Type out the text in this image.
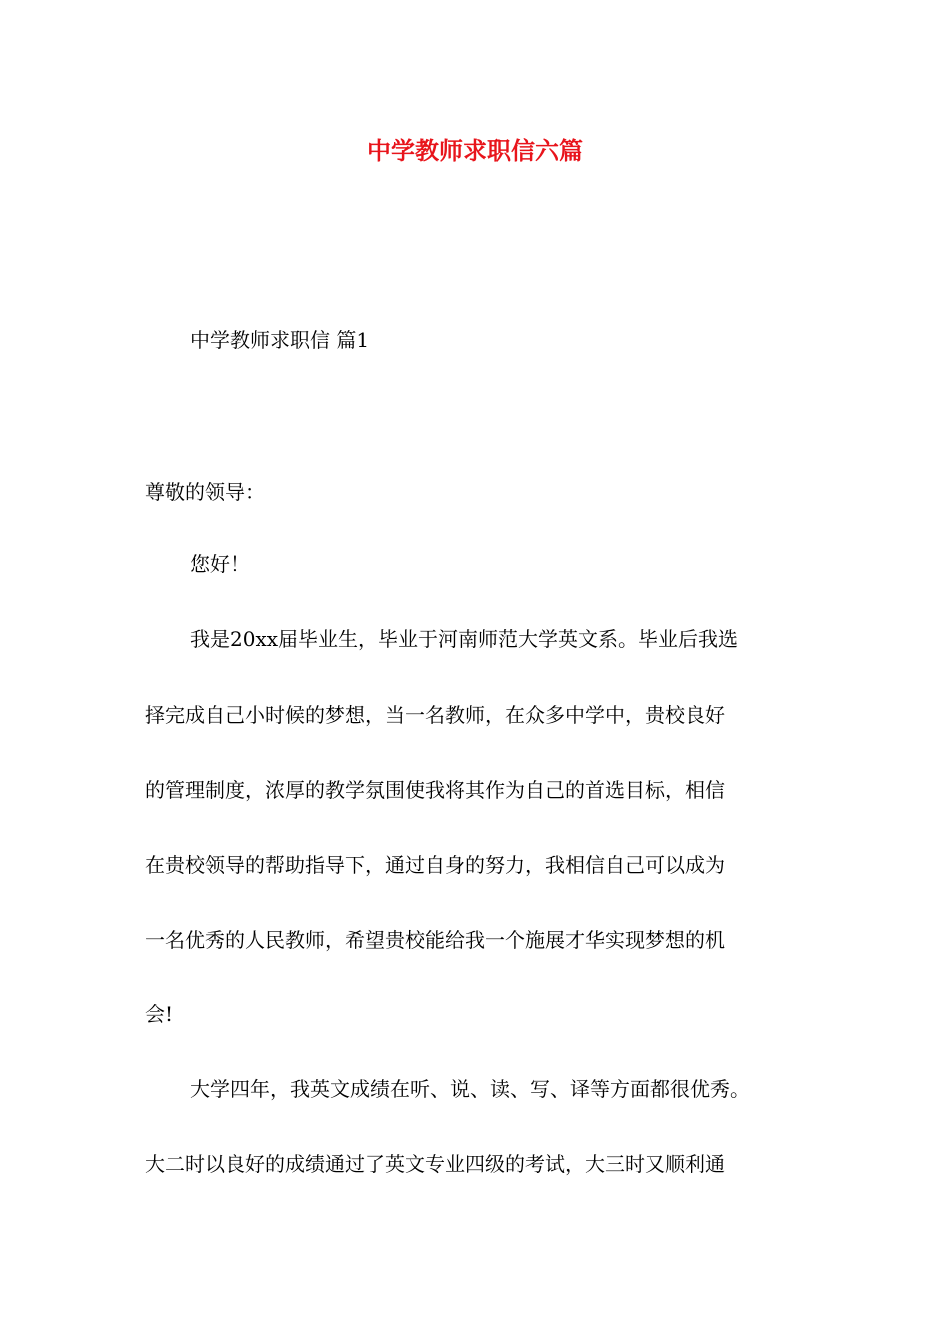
中学教师求职信六篇
中学教师求职信 篇1
尊敬的领导：
您好！
我是20xx届毕业生，毕业于河南师范大学英文系。毕业后我选
择完成自己小时候的梦想，当一名教师，在众多中学中，贵校良好
的管理制度，浓厚的教学氛围使我将其作为自己的首选目标，相信
在贵校领导的帮助指导下，通过自身的努力，我相信自己可以成为
一名优秀的人民教师，希望贵校能给我一个施展才华实现梦想的机
会!
大学四年，我英文成绩在听、说、读、写、译等方面都很优秀。
大二时以良好的成绩通过了英文专业四级的考试，大三时又顺利通
